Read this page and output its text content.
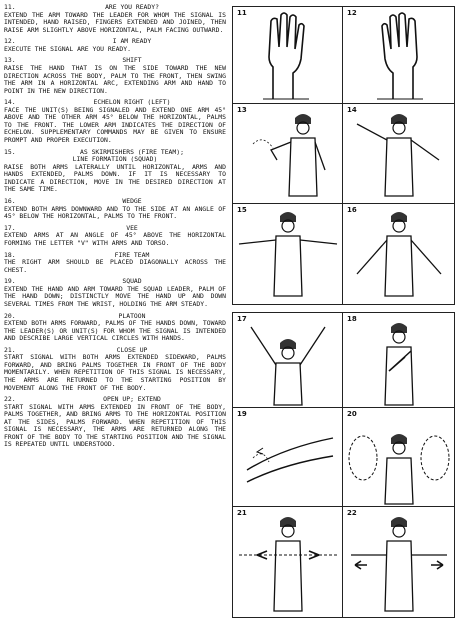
11.	ARE YOU READY?
EXTEND THE ARM TOWARD THE LEADER FOR WHOM THE SIGNAL IS INTENDED, HAND RAISED, FINGERS EXTENDED AND JOINED, THEN RAISE ARM SLIGHTLY ABOVE HORIZONTAL, PALM FACING OUTWARD.
12.	I AM READY
EXECUTE THE SIGNAL ARE YOU READY.
13.	SHIFT
RAISE THE HAND THAT IS ON THE SIDE TOWARD THE NEW DIRECTION ACROSS THE BODY, PALM TO THE FRONT, THEN SWING THE ARM IN A HORIZONTAL ARC, EXTENDING ARM AND HAND TO POINT IN THE NEW DIRECTION.
14.	ECHELON RIGHT (LEFT)
FACE THE UNIT(S) BEING SIGNALED AND EXTEND ONE ARM 45° ABOVE AND THE OTHER ARM 45° BELOW THE HORIZONTAL, PALMS TO THE FRONT. THE LOWER ARM INDICATES THE DIRECTION OF ECHELON. SUPPLEMENTARY COMMANDS MAY BE GIVEN TO ENSURE PROMPT AND PROPER EXECUTION.
15.	AS SKIRMISHERS (FIRE TEAM);
LINE FORMATION (SQUAD)
RAISE BOTH ARMS LATERALLY UNTIL HORIZONTAL, ARMS AND HANDS EXTENDED, PALMS DOWN. IF IT IS NECESSARY TO INDICATE A DIRECTION, MOVE IN THE DESIRED DIRECTION AT THE SAME TIME.
16.	WEDGE
EXTEND BOTH ARMS DOWNWARD AND TO THE SIDE AT AN ANGLE OF 45° BELOW THE HORIZONTAL, PALMS TO THE FRONT.
17.	VEE
EXTEND ARMS AT AN ANGLE OF 45° ABOVE THE HORIZONTAL FORMING THE LETTER "V" WITH ARMS AND TORSO.
18.	FIRE TEAM
THE RIGHT ARM SHOULD BE PLACED DIAGONALLY ACROSS THE CHEST.
19.	SQUAD
EXTEND THE HAND AND ARM TOWARD THE SQUAD LEADER, PALM OF THE HAND DOWN; DISTINCTLY MOVE THE HAND UP AND DOWN SEVERAL TIMES FROM THE WRIST, HOLDING THE ARM STEADY.
20.	PLATOON
EXTEND BOTH ARMS FORWARD, PALMS OF THE HANDS DOWN, TOWARD THE LEADER(S) OR UNIT(S) FOR WHOM THE SIGNAL IS INTENDED AND DESCRIBE LARGE VERTICAL CIRCLES WITH HANDS.
21.	CLOSE UP
START SIGNAL WITH BOTH ARMS EXTENDED SIDEWARD, PALMS FORWARD, AND BRING PALMS TOGETHER IN FRONT OF THE BODY MOMENTARILY. WHEN REPETITION OF THIS SIGNAL IS NECESSARY, THE ARMS ARE RETURNED TO THE STARTING POSITION BY MOVEMENT ALONG THE FRONT OF THE BODY.
22.	OPEN UP; EXTEND
START SIGNAL WITH ARMS EXTENDED IN FRONT OF THE BODY, PALMS TOGETHER, AND BRING ARMS TO THE HORIZONTAL POSITION AT THE SIDES, PALMS FORWARD. WHEN REPETITION OF THIS SIGNAL IS NECESSARY, THE ARMS ARE RETURNED ALONG THE FRONT OF THE BODY TO THE STARTING POSITION AND THE SIGNAL IS REPEATED UNTIL UNDERSTOOD.
11	12
13	14
15	16
17	18
19	20
21	22
